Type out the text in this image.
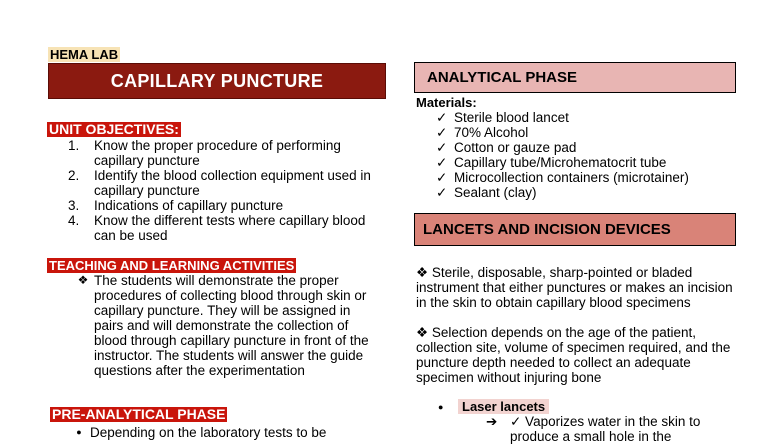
HEMA LAB
CAPILLARY PUNCTURE
UNIT OBJECTIVES:
1.	Know the proper procedure of performing capillary puncture
2.	Identify the blood collection equipment used in capillary puncture
3.	Indications of capillary puncture
4.	Know the different tests where capillary blood can be used
TEACHING AND LEARNING ACTIVITIES
❖ The students will demonstrate the proper procedures of collecting blood through skin or capillary puncture. They will be assigned in pairs and will demonstrate the collection of blood through capillary puncture in front of the instructor. The students will answer the guide questions after the experimentation
PRE-ANALYTICAL PHASE
● Depending on the laboratory tests to be
ANALYTICAL PHASE
Materials:
✓ Sterile blood lancet
✓ 70% Alcohol
✓ Cotton or gauze pad
✓ Capillary tube/Microhematocrit tube
✓ Microcollection containers (microtainer)
✓ Sealant (clay)
LANCETS AND INCISION DEVICES
❖ Sterile, disposable, sharp-pointed or bladed instrument that either punctures or makes an incision in the skin to obtain capillary blood specimens
❖ Selection depends on the age of the patient, collection site, volume of specimen required, and the puncture depth needed to collect an adequate specimen without injuring bone
●	Laser lancets
➔ ✓ Vaporizes water in the skin to produce a small hole in the
